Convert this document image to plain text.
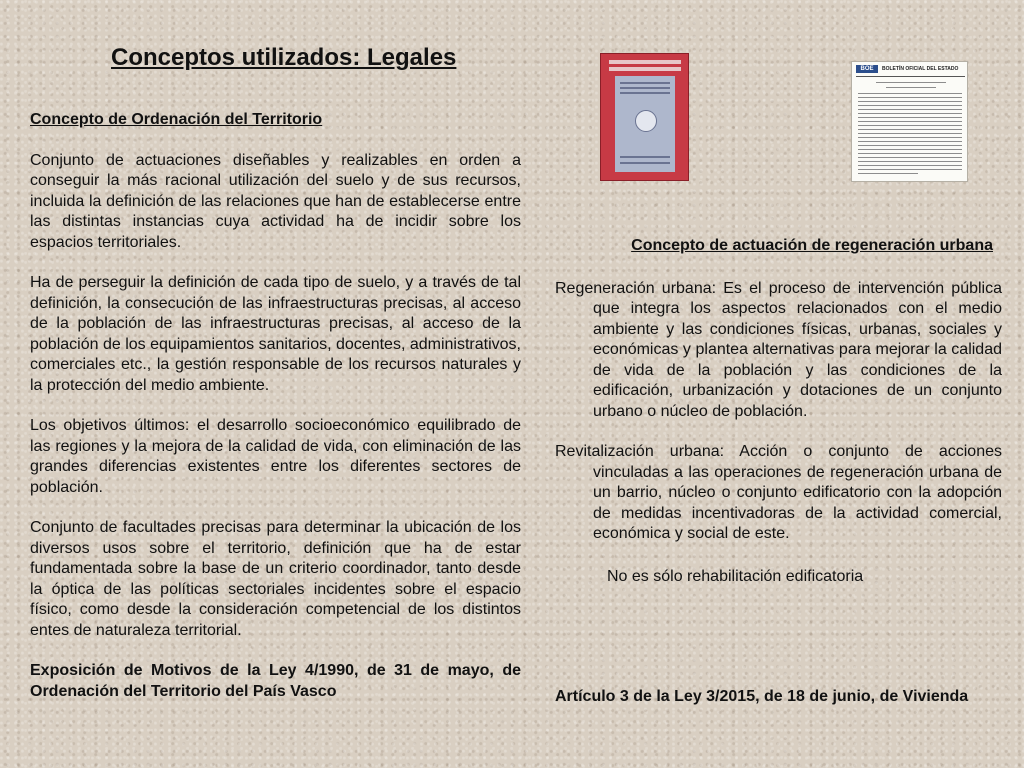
Conceptos utilizados: Legales

Concepto de Ordenación del Territorio

Conjunto de actuaciones diseñables y realizables en orden a conseguir la más racional utilización del suelo y de sus recursos, incluida la definición de las relaciones que han de establecerse entre las distintas instancias cuya actividad ha de incidir sobre los espacios territoriales.

Ha de perseguir la definición de cada tipo de suelo, y a través de tal definición, la consecución de las infraestructuras precisas, al acceso de la población de las infraestructuras precisas, al acceso de la población de los equipamientos sanitarios, docentes, administrativos, comerciales etc., la gestión responsable de los recursos naturales y la protección del medio ambiente.

Los objetivos últimos: el desarrollo socioeconómico equilibrado de las regiones y la mejora de la calidad de vida, con eliminación de las grandes diferencias existentes entre los diferentes sectores de población.

Conjunto de facultades precisas para determinar la ubicación de los diversos usos sobre el territorio, definición que ha de estar fundamentada sobre la base de un criterio coordinador, tanto desde la óptica de las políticas sectoriales incidentes sobre el espacio físico, como desde la consideración competencial de los distintos entes de naturaleza territorial.

Exposición de Motivos de la Ley 4/1990, de 31 de mayo, de Ordenación del Territorio del País Vasco

BOE	BOLETÍN OFICIAL DEL ESTADO

Concepto de actuación de regeneración urbana

Regeneración urbana: Es el proceso de intervención pública que integra los aspectos relacionados con el medio ambiente y las condiciones físicas, urbanas, sociales y económicas y plantea alternativas para mejorar la calidad de vida de la población y las condiciones de la edificación, urbanización y dotaciones de un conjunto urbano o núcleo de población.

Revitalización urbana: Acción o conjunto de acciones vinculadas a las operaciones de regeneración urbana de un barrio, núcleo o conjunto edificatorio con la adopción de medidas incentivadoras de la actividad comercial, económica y social de este.

No es sólo rehabilitación edificatoria

Artículo 3 de la Ley 3/2015, de 18 de junio, de Vivienda
